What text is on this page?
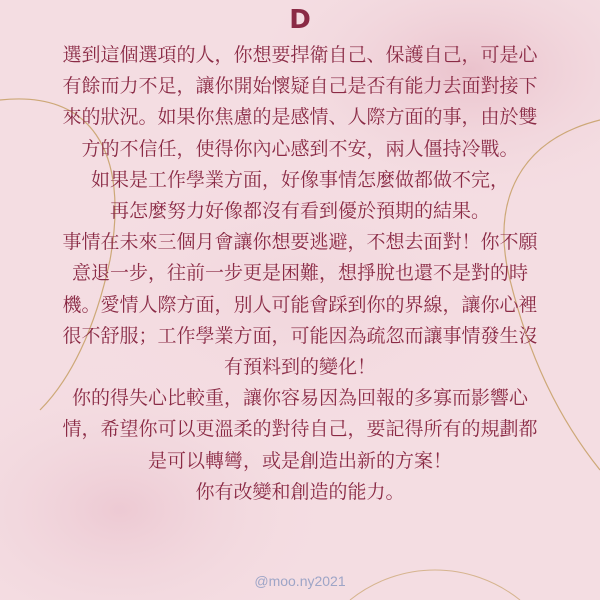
D
選到這個選項的人，你想要捍衛自己、保護自己，可是心
有餘而力不足，讓你開始懷疑自己是否有能力去面對接下
來的狀況。如果你焦慮的是感情、人際方面的事，由於雙
方的不信任，使得你內心感到不安，兩人僵持冷戰。
如果是工作學業方面，好像事情怎麼做都做不完，
再怎麼努力好像都沒有看到優於預期的結果。
事情在未來三個月會讓你想要逃避，不想去面對！你不願
意退一步，往前一步更是困難，想掙脫也還不是對的時
機。愛情人際方面，別人可能會踩到你的界線，讓你心裡
很不舒服；工作學業方面，可能因為疏忽而讓事情發生沒
有預料到的變化！
你的得失心比較重，讓你容易因為回報的多寡而影響心
情，希望你可以更溫柔的對待自己，要記得所有的規劃都
是可以轉彎，或是創造出新的方案！
你有改變和創造的能力。
@moo.ny2021
